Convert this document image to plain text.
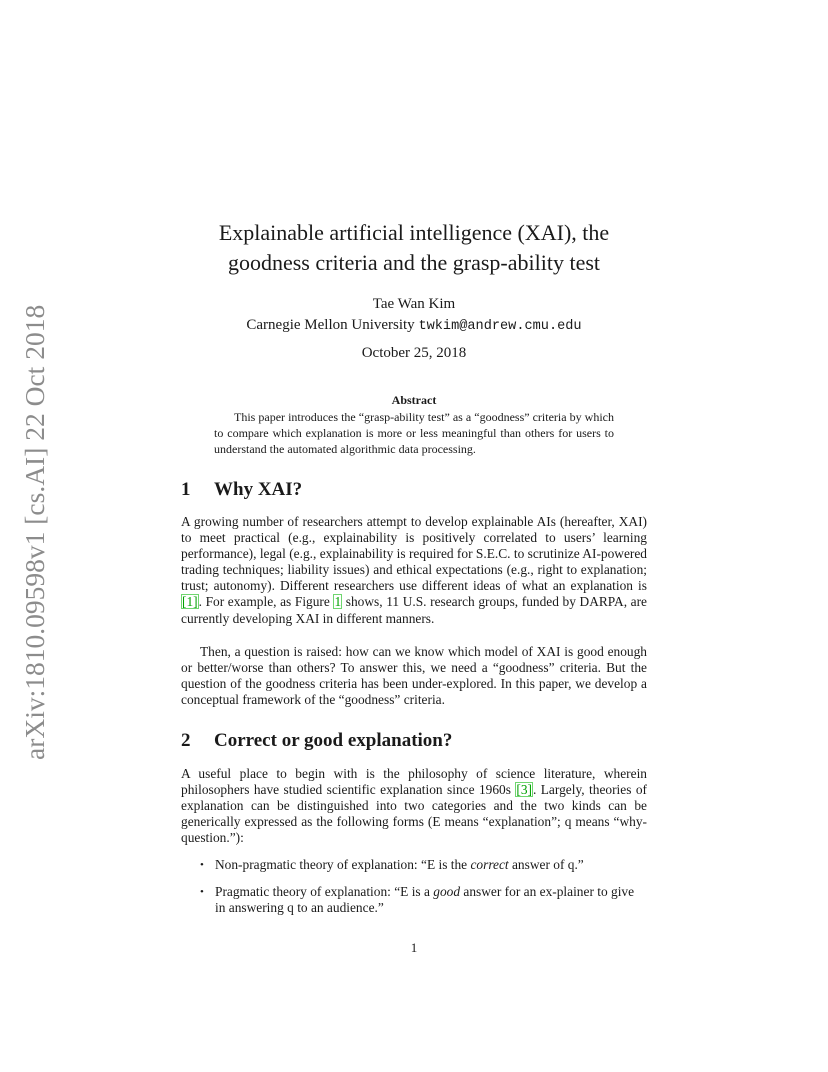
arXiv:1810.09598v1 [cs.AI] 22 Oct 2018
Explainable artificial intelligence (XAI), the
goodness criteria and the grasp-ability test
Tae Wan Kim
Carnegie Mellon University twkim@andrew.cmu.edu
October 25, 2018
Abstract
This paper introduces the “grasp-ability test” as a “goodness” criteria by which to compare which explanation is more or less meaningful than others for users to understand the automated algorithmic data processing.
1 Why XAI?
A growing number of researchers attempt to develop explainable AIs (hereafter, XAI) to meet practical (e.g., explainability is positively correlated to users’ learning performance), legal (e.g., explainability is required for S.E.C. to scrutinize AI-powered trading techniques; liability issues) and ethical expectations (e.g., right to explanation; trust; autonomy). Different researchers use different ideas of what an explanation is [1]. For example, as Figure 1 shows, 11 U.S. research groups, funded by DARPA, are currently developing XAI in different manners.
Then, a question is raised: how can we know which model of XAI is good enough or better/worse than others? To answer this, we need a “goodness” criteria. But the question of the goodness criteria has been under-explored. In this paper, we develop a conceptual framework of the “goodness” criteria.
2 Correct or good explanation?
A useful place to begin with is the philosophy of science literature, wherein philosophers have studied scientific explanation since 1960s [3]. Largely, theories of explanation can be distinguished into two categories and the two kinds can be generically expressed as the following forms (E means “explanation”; q means “why-question.”):
• Non-pragmatic theory of explanation: “E is the correct answer of q.”
• Pragmatic theory of explanation: “E is a good answer for an ex-plainer to give in answering q to an audience.”
1
